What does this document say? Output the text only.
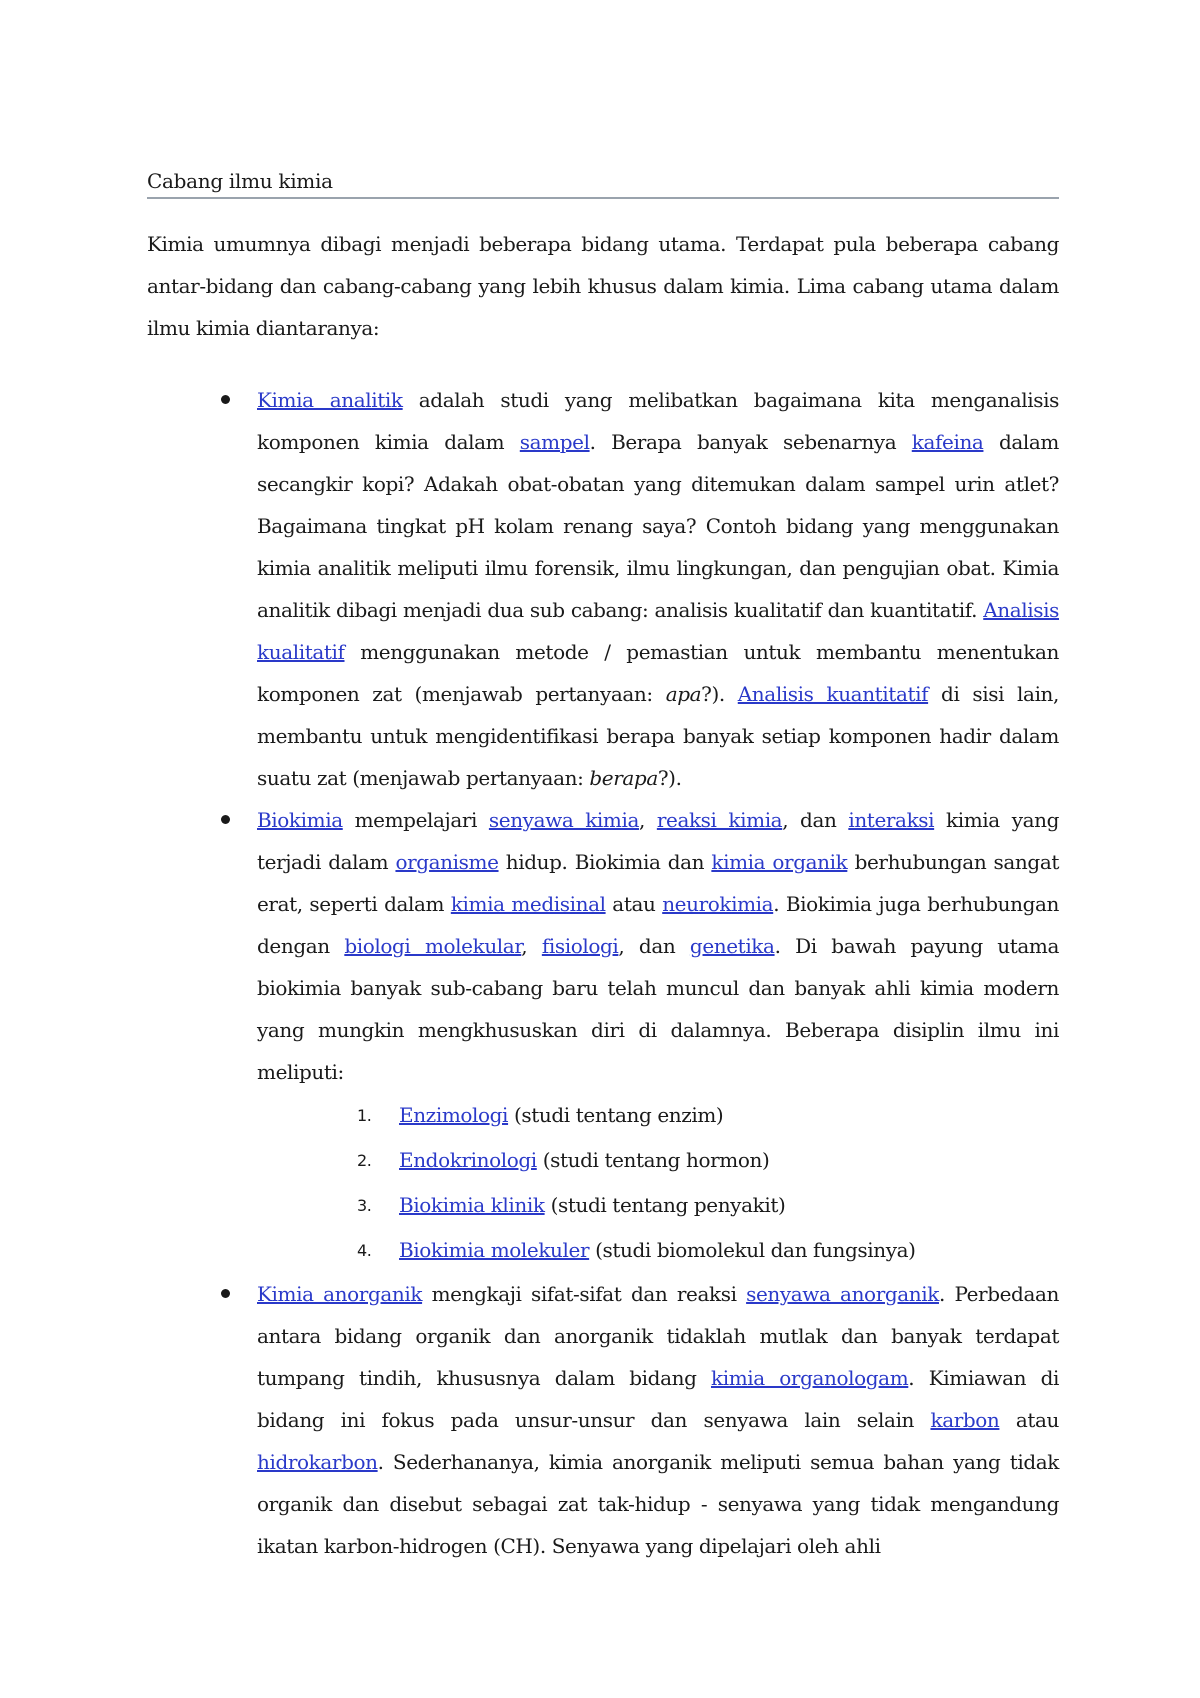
Cabang ilmu kimia

Kimia umumnya dibagi menjadi beberapa bidang utama. Terdapat pula beberapa cabang antar-bidang dan cabang-cabang yang lebih khusus dalam kimia. Lima cabang utama dalam ilmu kimia diantaranya:

Kimia analitik adalah studi yang melibatkan bagaimana kita menganalisis komponen kimia dalam sampel. Berapa banyak sebenarnya kafeina dalam secangkir kopi? Adakah obat-obatan yang ditemukan dalam sampel urin atlet? Bagaimana tingkat pH kolam renang saya? Contoh bidang yang menggunakan kimia analitik meliputi ilmu forensik, ilmu lingkungan, dan pengujian obat. Kimia analitik dibagi menjadi dua sub cabang: analisis kualitatif dan kuantitatif. Analisis kualitatif menggunakan metode / pemastian untuk membantu menentukan komponen zat (menjawab pertanyaan: apa?). Analisis kuantitatif di sisi lain, membantu untuk mengidentifikasi berapa banyak setiap komponen hadir dalam suatu zat (menjawab pertanyaan: berapa?).
Biokimia mempelajari senyawa kimia, reaksi kimia, dan interaksi kimia yang terjadi dalam organisme hidup. Biokimia dan kimia organik berhubungan sangat erat, seperti dalam kimia medisinal atau neurokimia. Biokimia juga berhubungan dengan biologi molekular, fisiologi, dan genetika. Di bawah payung utama biokimia banyak sub-cabang baru telah muncul dan banyak ahli kimia modern yang mungkin mengkhususkan diri di dalamnya. Beberapa disiplin ilmu ini meliputi:
1. Enzimologi (studi tentang enzim)
2. Endokrinologi (studi tentang hormon)
3. Biokimia klinik (studi tentang penyakit)
4. Biokimia molekuler (studi biomolekul dan fungsinya)
Kimia anorganik mengkaji sifat-sifat dan reaksi senyawa anorganik. Perbedaan antara bidang organik dan anorganik tidaklah mutlak dan banyak terdapat tumpang tindih, khususnya dalam bidang kimia organologam. Kimiawan di bidang ini fokus pada unsur-unsur dan senyawa lain selain karbon atau hidrokarbon. Sederhananya, kimia anorganik meliputi semua bahan yang tidak organik dan disebut sebagai zat tak-hidup - senyawa yang tidak mengandung ikatan karbon-hidrogen (CH). Senyawa yang dipelajari oleh ahli
